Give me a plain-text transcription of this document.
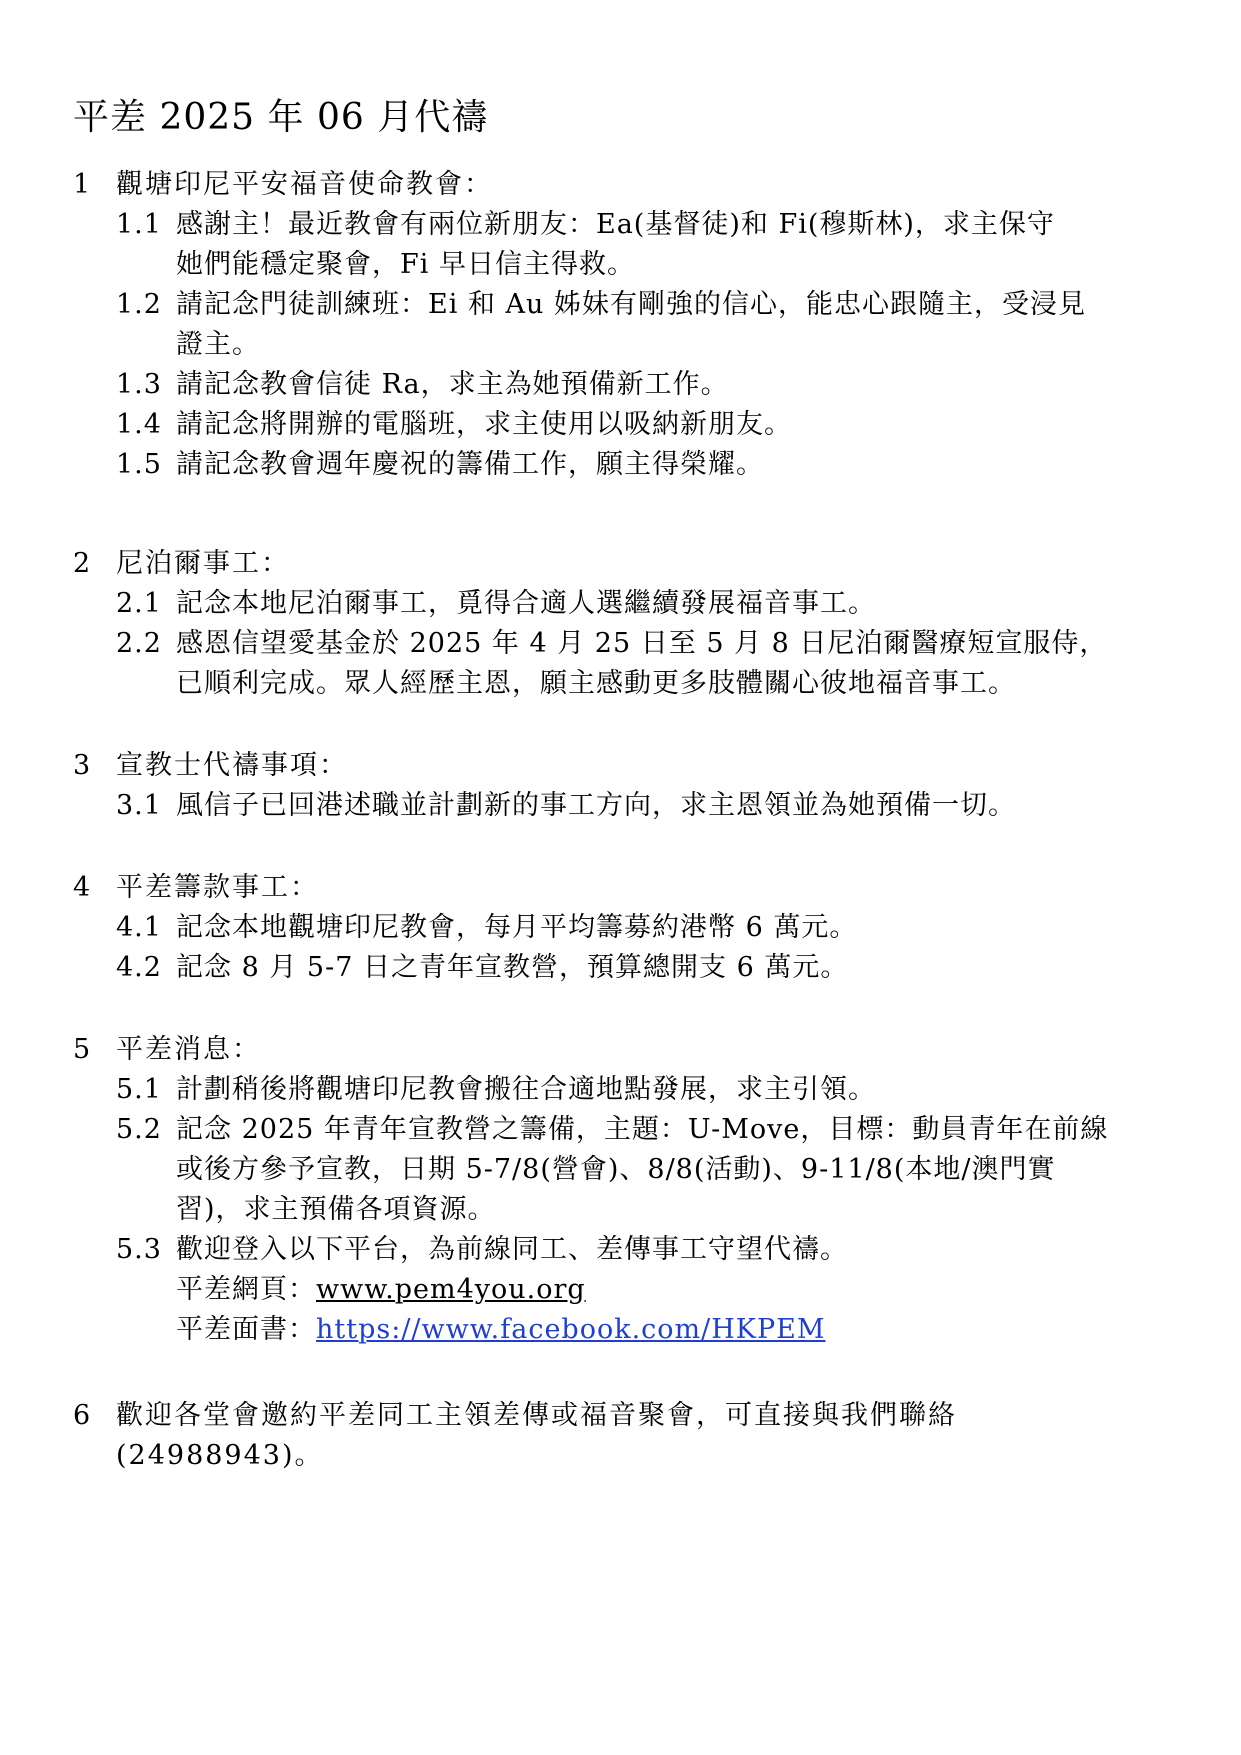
平差 2025 年 06 月代禱
1 觀塘印尼平安福音使命教會：
1.1 感謝主！最近教會有兩位新朋友：Ea(基督徒)和 Fi(穆斯林)，求主保守
她們能穩定聚會，Fi 早日信主得救。
1.2 請記念門徒訓練班：Ei 和 Au 姊妹有剛強的信心，能忠心跟隨主，受浸見
證主。
1.3 請記念教會信徒 Ra，求主為她預備新工作。
1.4 請記念將開辦的電腦班，求主使用以吸納新朋友。
1.5 請記念教會週年慶祝的籌備工作，願主得榮耀。
2 尼泊爾事工：
2.1 記念本地尼泊爾事工，覓得合適人選繼續發展福音事工。
2.2 感恩信望愛基金於 2025 年 4 月 25 日至 5 月 8 日尼泊爾醫療短宣服侍，
已順利完成。眾人經歷主恩，願主感動更多肢體關心彼地福音事工。
3 宣教士代禱事項：
3.1 風信子已回港述職並計劃新的事工方向，求主恩領並為她預備一切。
4 平差籌款事工：
4.1 記念本地觀塘印尼教會，每月平均籌募約港幣 6 萬元。
4.2 記念 8 月 5-7 日之青年宣教營，預算總開支 6 萬元。
5 平差消息：
5.1 計劃稍後將觀塘印尼教會搬往合適地點發展，求主引領。
5.2 記念 2025 年青年宣教營之籌備，主題：U-Move，目標：動員青年在前線
或後方參予宣教，日期 5-7/8(營會)、8/8(活動)、9-11/8(本地/澳門實
習)，求主預備各項資源。
5.3 歡迎登入以下平台，為前線同工、差傳事工守望代禱。
平差網頁：www.pem4you.org
平差面書：https://www.facebook.com/HKPEM
6 歡迎各堂會邀約平差同工主領差傳或福音聚會，可直接與我們聯絡
(24988943)。
